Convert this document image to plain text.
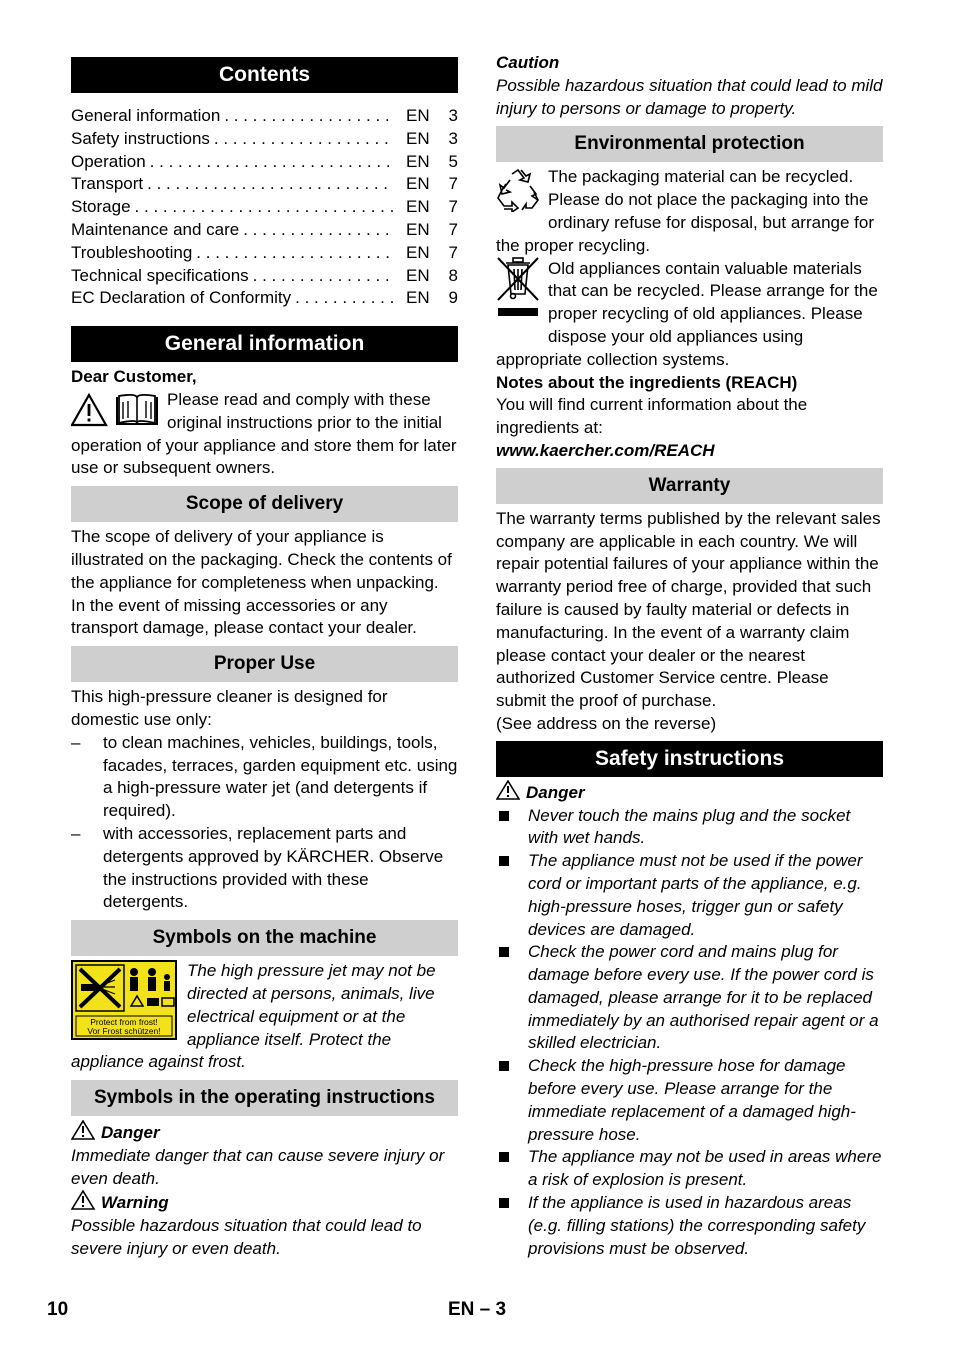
Contents
General information . . .	EN	3
Safety instructions . . .	EN	3
Operation . . .	EN	5
Transport . . .	EN	7
Storage . . .	EN	7
Maintenance and care . . .	EN	7
Troubleshooting . . .	EN	7
Technical specifications . . .	EN	8
EC Declaration of Conformity . . .	EN	9
General information

Dear Customer,

Please read and comply with these original instructions prior to the initial operation of your appliance and store them for later use or subsequent owners.

Scope of delivery

The scope of delivery of your appliance is illustrated on the packaging. Check the contents of the appliance for completeness when unpacking.

In the event of missing accessories or any transport damage, please contact your dealer.

Proper Use

This high-pressure cleaner is designed for domestic use only:

–	to clean machines, vehicles, buildings, tools, facades, terraces, garden equipment etc. using a high-pressure water jet (and detergents if required).
–	with accessories, replacement parts and detergents approved by KÄRCHER. Observe the instructions provided with these detergents.
Symbols on the machine
Protect from frost!
Vor Frost schützen!

The high pressure jet may not be directed at persons, animals, live electrical equipment or at the appliance itself. Protect the appliance against frost.

Symbols in the operating instructions

Danger

Immediate danger that can cause severe injury or even death.

Warning

Possible hazardous situation that could lead to severe injury or even death.

Caution

Possible hazardous situation that could lead to mild injury to persons or damage to property.

Environmental protection

The packaging material can be recycled. Please do not place the packaging into the ordinary refuse for disposal, but arrange for the proper recycling.

Old appliances contain valuable materials that can be recycled. Please arrange for the proper recycling of old appliances. Please dispose your old appliances using appropriate collection systems.

Notes about the ingredients (REACH)

You will find current information about the ingredients at:

www.kaercher.com/REACH

Warranty

The warranty terms published by the relevant sales company are applicable in each country. We will repair potential failures of your appliance within the warranty period free of charge, provided that such failure is caused by faulty material or defects in manufacturing. In the event of a warranty claim please contact your dealer or the nearest authorized Customer Service centre. Please submit the proof of purchase.

(See address on the reverse)

Safety instructions

Danger

Never touch the mains plug and the socket with wet hands.
The appliance must not be used if the power cord or important parts of the appliance, e.g. high-pressure hoses, trigger gun or safety devices are damaged.
Check the power cord and mains plug for damage before every use. If the power cord is damaged, please arrange for it to be replaced immediately by an authorised repair agent or a skilled electrician.
Check the high-pressure hose for damage before every use. Please arrange for the immediate replacement of a damaged high-pressure hose.
The appliance may not be used in areas where a risk of explosion is present.
If the appliance is used in hazardous areas (e.g. filling stations) the corresponding safety provisions must be observed.
10	EN – 3
